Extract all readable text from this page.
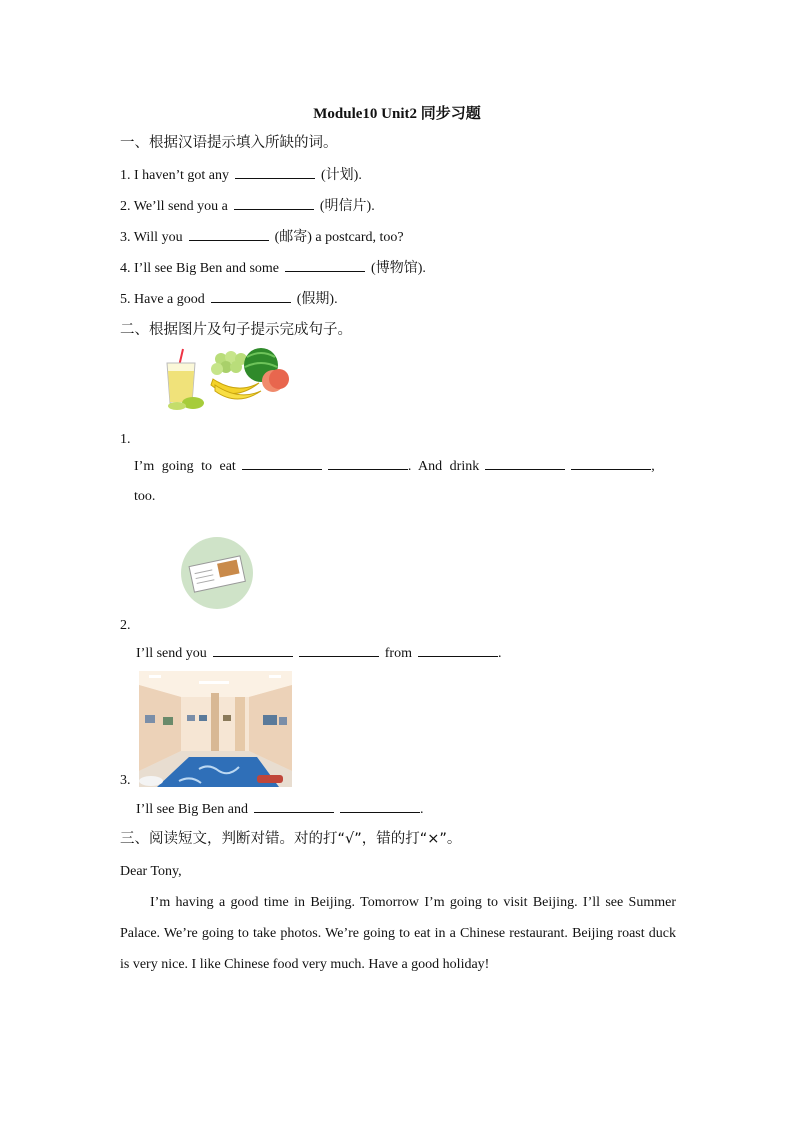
Module10 Unit2 同步习题
一、根据汉语提示填入所缺的词。
1. I haven’t got any	(计划).
2. We’ll send you a	(明信片).
3. Will you	(邮寄) a postcard, too?
4. I’ll see Big Ben and some	(博物馆).
5. Have a good	(假期).
二、根据图片及句子提示完成句子。
1.
I’m going to eat	. And drink	,
too.
2.
I’ll send you	from	.
3.
I’ll see Big Ben and	.
三、阅读短文，判断对错。对的打“√”，错的打“×”。
Dear Tony,
I’m having a good time in Beijing. Tomorrow I’m going to visit Beijing. I’ll see Summer Palace. We’re going to take photos. We’re going to eat in a Chinese restaurant. Beijing roast duck is very nice. I like Chinese food very much. Have a good holiday!
